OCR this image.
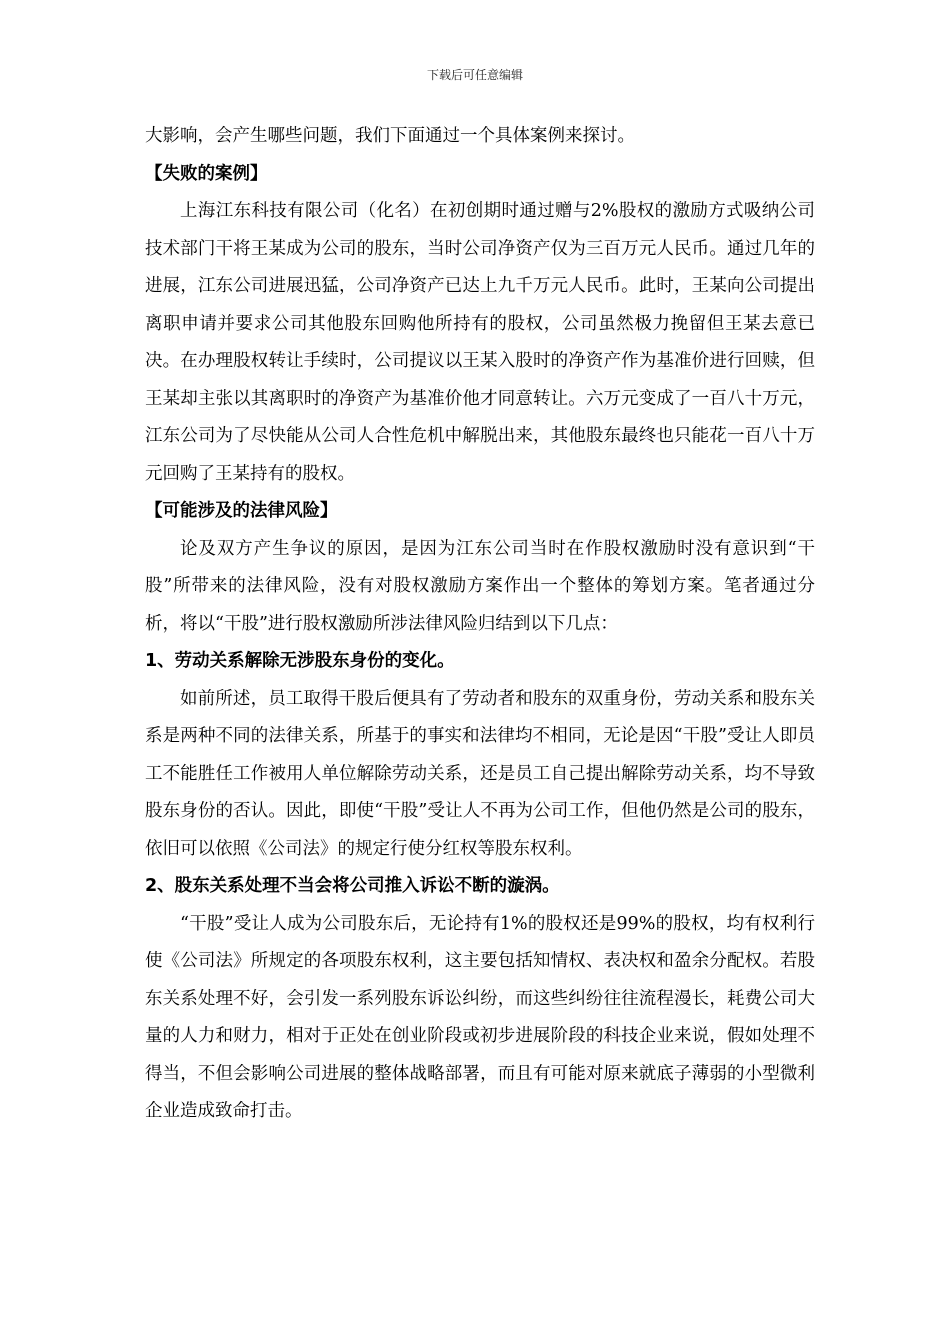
下载后可任意编辑

大影响，会产生哪些问题，我们下面通过一个具体案例来探讨。

【失败的案例】

上海江东科技有限公司（化名）在初创期时通过赠与2%股权的激励方式吸纳公司技术部门干将王某成为公司的股东，当时公司净资产仅为三百万元人民币。通过几年的进展，江东公司进展迅猛，公司净资产已达上九千万元人民币。此时，王某向公司提出离职申请并要求公司其他股东回购他所持有的股权，公司虽然极力挽留但王某去意已决。在办理股权转让手续时，公司提议以王某入股时的净资产作为基准价进行回赎，但王某却主张以其离职时的净资产为基准价他才同意转让。六万元变成了一百八十万元，江东公司为了尽快能从公司人合性危机中解脱出来，其他股东最终也只能花一百八十万元回购了王某持有的股权。

【可能涉及的法律风险】

论及双方产生争议的原因，是因为江东公司当时在作股权激励时没有意识到“干股”所带来的法律风险，没有对股权激励方案作出一个整体的筹划方案。笔者通过分析，将以“干股”进行股权激励所涉法律风险归结到以下几点：

1、劳动关系解除无涉股东身份的变化。

如前所述，员工取得干股后便具有了劳动者和股东的双重身份，劳动关系和股东关系是两种不同的法律关系，所基于的事实和法律均不相同，无论是因“干股”受让人即员工不能胜任工作被用人单位解除劳动关系，还是员工自己提出解除劳动关系，均不导致股东身份的否认。因此，即使“干股”受让人不再为公司工作，但他仍然是公司的股东，依旧可以依照《公司法》的规定行使分红权等股东权利。

2、股东关系处理不当会将公司推入诉讼不断的漩涡。

“干股”受让人成为公司股东后，无论持有1%的股权还是99%的股权，均有权利行使《公司法》所规定的各项股东权利，这主要包括知情权、表决权和盈余分配权。若股东关系处理不好，会引发一系列股东诉讼纠纷，而这些纠纷往往流程漫长，耗费公司大量的人力和财力，相对于正处在创业阶段或初步进展阶段的科技企业来说，假如处理不得当，不但会影响公司进展的整体战略部署，而且有可能对原来就底子薄弱的小型微利企业造成致命打击。
